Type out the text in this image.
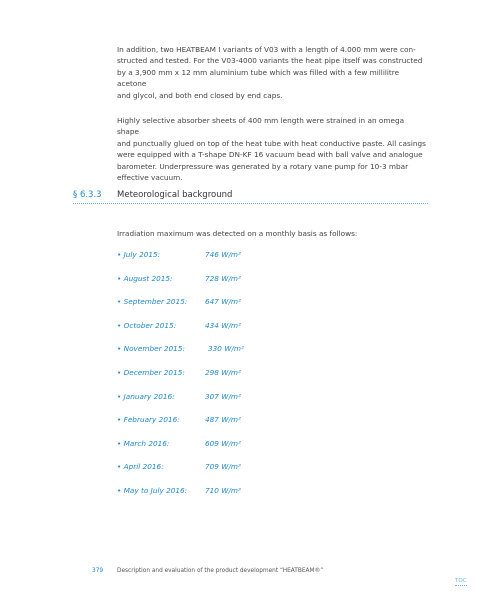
In addition, two HEATBEAM I variants of V03 with a length of 4.000 mm were con-
structed and tested. For the V03-4000 variants the heat pipe itself was constructed
by a 3,900 mm x 12 mm aluminium tube which was filled with a few millilitre acetone
and glycol, and both end closed by end caps.
Highly selective absorber sheets of 400 mm length were strained in an omega shape
and punctually glued on top of the heat tube with heat conductive paste. All casings
were equipped with a T-shape DN-KF 16 vacuum bead with ball valve and analogue
barometer. Underpressure was generated by a rotary vane pump for 10-3 mbar
effective vacuum.
§ 6.3.3 Meteorological background
Irradiation maximum was detected on a monthly basis as follows:
• July 2015:	746 W/m²
• August 2015:	728 W/m²
• September 2015: 647 W/m²
• October 2015:	434 W/m²
• November 2015:	330 W/m²
• December 2015:	298 W/m²
• January 2016:	307 W/m²
• February 2016:	487 W/m²
• March 2016:	609 W/m²
• April 2016:	709 W/m²
• May to July 2016: 710 W/m²
379 Description and evaluation of the product development “HEATBEAM®”
TOC
